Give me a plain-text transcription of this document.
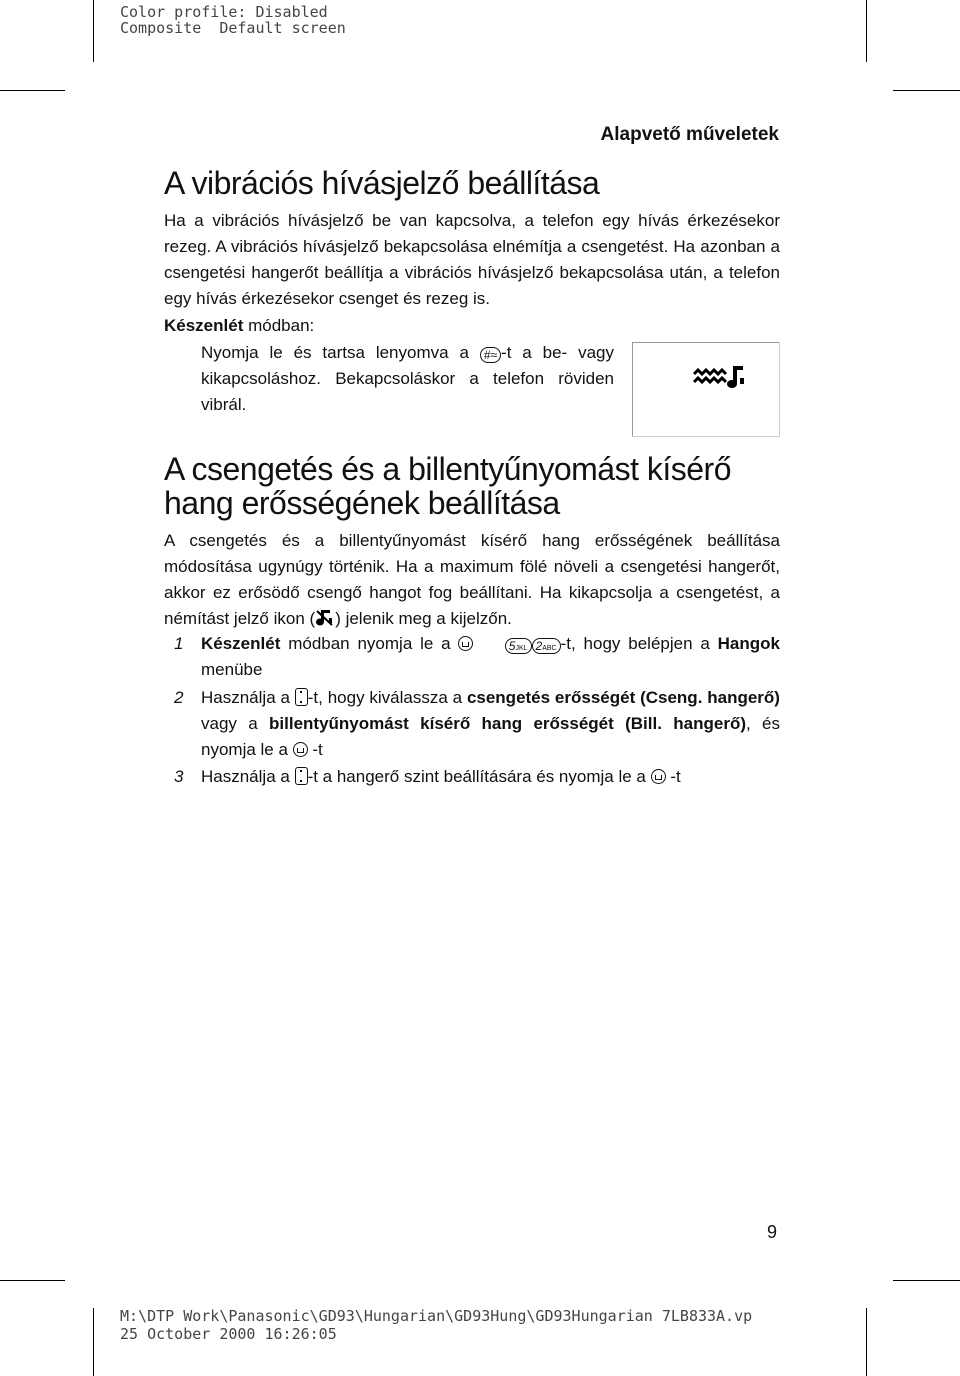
Color profile: Disabled
Composite  Default screen
Alapvető műveletek
A vibrációs hívásjelző beállítása

Ha a vibrációs hívásjelző be van kapcsolva, a telefon egy hívás érkezésekor rezeg. A vibrációs hívásjelző bekapcsolása elnémítja a csengetést. Ha azonban a csengetési hangerőt beállítja a vibrációs hívásjelző bekapcsolása után, a telefon egy hívás érkezésekor csenget és rezeg is.

Készenlét módban:

Nyomja le és tartsa lenyomva a #≈ -t a be- vagy kikapcsoláshoz. Bekapcsoláskor a telefon röviden vibrál.

A csengetés és a billentyűnyomást kísérő hang erősségének beállítása

A csengetés és a billentyűnyomást kísérő hang erősségének beállítása módosítása ugynúgy történik. Ha a maximum fölé növeli a csengetési hangerőt, akkor ez erősödő csengő hangot fog beállítani. Ha kikapcsolja a csengetést, a némítást jelző ikon ( ) jelenik meg a kijelzőn.

1 Készenlét módban nyomja le a	5JKL 2ABC -t, hogy belépjen a Hangok menübe

2 Használja a -t, hogy kiválassza a csengetés erősségét (Cseng. hangerő) vagy a billentyűnyomást kísérő hang erősségét (Bill. hangerő), és nyomja le a  -t

3 Használja a -t a hangerő szint beállítására és nyomja le a  -t

9
M:\DTP Work\Panasonic\GD93\Hungarian\GD93Hung\GD93Hungarian 7LB833A.vp
25 October 2000 16:26:05
